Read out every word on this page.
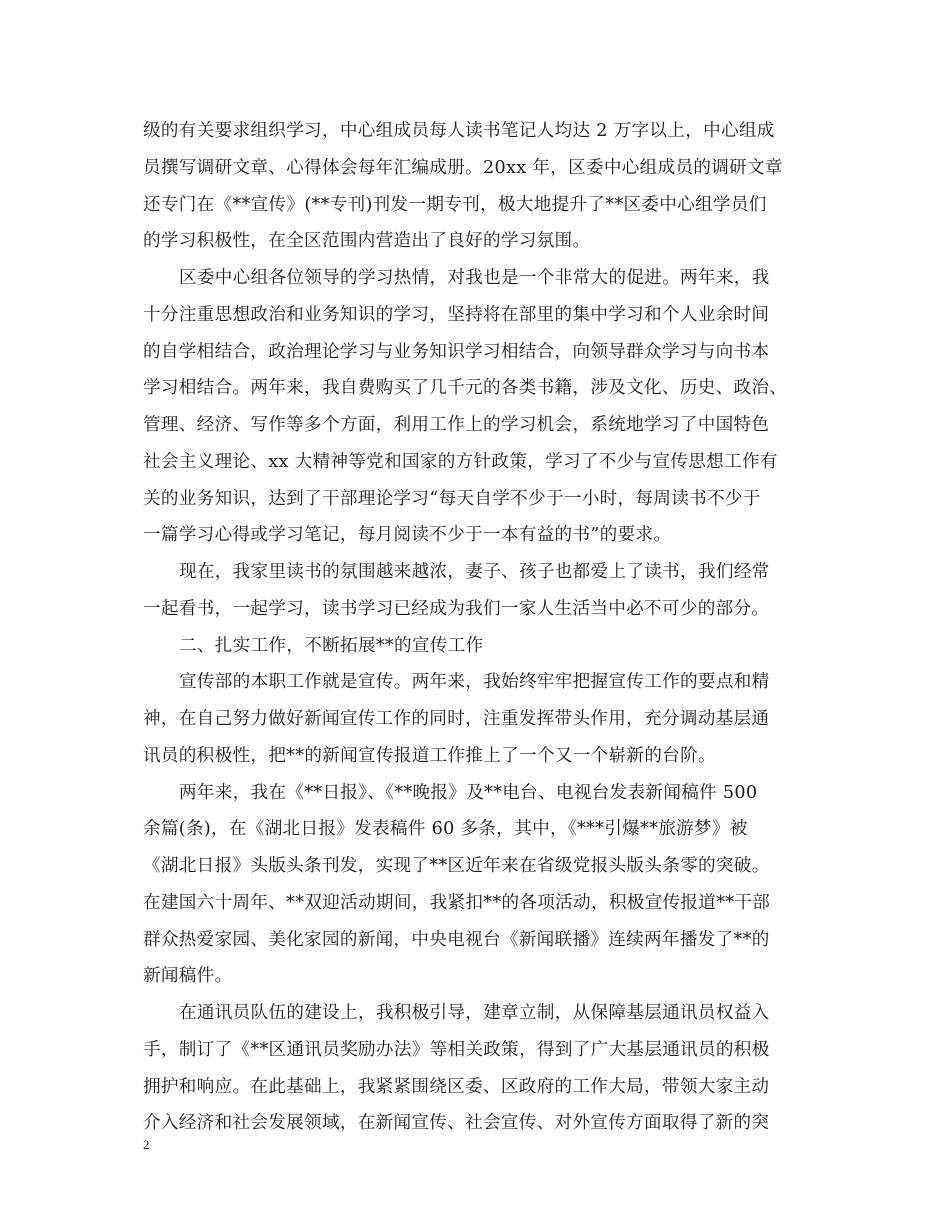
级的有关要求组织学习，中心组成员每人读书笔记人均达 2 万字以上，中心组成
员撰写调研文章、心得体会每年汇编成册。20xx 年，区委中心组成员的调研文章
还专门在《**宣传》(**专刊)刊发一期专刊，极大地提升了**区委中心组学员们
的学习积极性，在全区范围内营造出了良好的学习氛围。
区委中心组各位领导的学习热情，对我也是一个非常大的促进。两年来，我
十分注重思想政治和业务知识的学习，坚持将在部里的集中学习和个人业余时间
的自学相结合，政治理论学习与业务知识学习相结合，向领导群众学习与向书本
学习相结合。两年来，我自费购买了几千元的各类书籍，涉及文化、历史、政治、
管理、经济、写作等多个方面，利用工作上的学习机会，系统地学习了中国特色
社会主义理论、xx 大精神等党和国家的方针政策，学习了不少与宣传思想工作有
关的业务知识，达到了干部理论学习“每天自学不少于一小时，每周读书不少于
一篇学习心得或学习笔记，每月阅读不少于一本有益的书”的要求。
现在，我家里读书的氛围越来越浓，妻子、孩子也都爱上了读书，我们经常
一起看书，一起学习，读书学习已经成为我们一家人生活当中必不可少的部分。
二、扎实工作，不断拓展**的宣传工作
宣传部的本职工作就是宣传。两年来，我始终牢牢把握宣传工作的要点和精
神，在自己努力做好新闻宣传工作的同时，注重发挥带头作用，充分调动基层通
讯员的积极性，把**的新闻宣传报道工作推上了一个又一个崭新的台阶。
两年来，我在《**日报》、《**晚报》及**电台、电视台发表新闻稿件 500
余篇(条)，在《湖北日报》发表稿件 60 多条，其中，《***引爆**旅游梦》被
《湖北日报》头版头条刊发，实现了**区近年来在省级党报头版头条零的突破。
在建国六十周年、**双迎活动期间，我紧扣**的各项活动，积极宣传报道**干部
群众热爱家园、美化家园的新闻，中央电视台《新闻联播》连续两年播发了**的
新闻稿件。
在通讯员队伍的建设上，我积极引导，建章立制，从保障基层通讯员权益入
手，制订了《**区通讯员奖励办法》等相关政策，得到了广大基层通讯员的积极
拥护和响应。在此基础上，我紧紧围绕区委、区政府的工作大局，带领大家主动
介入经济和社会发展领域，在新闻宣传、社会宣传、对外宣传方面取得了新的突
2
